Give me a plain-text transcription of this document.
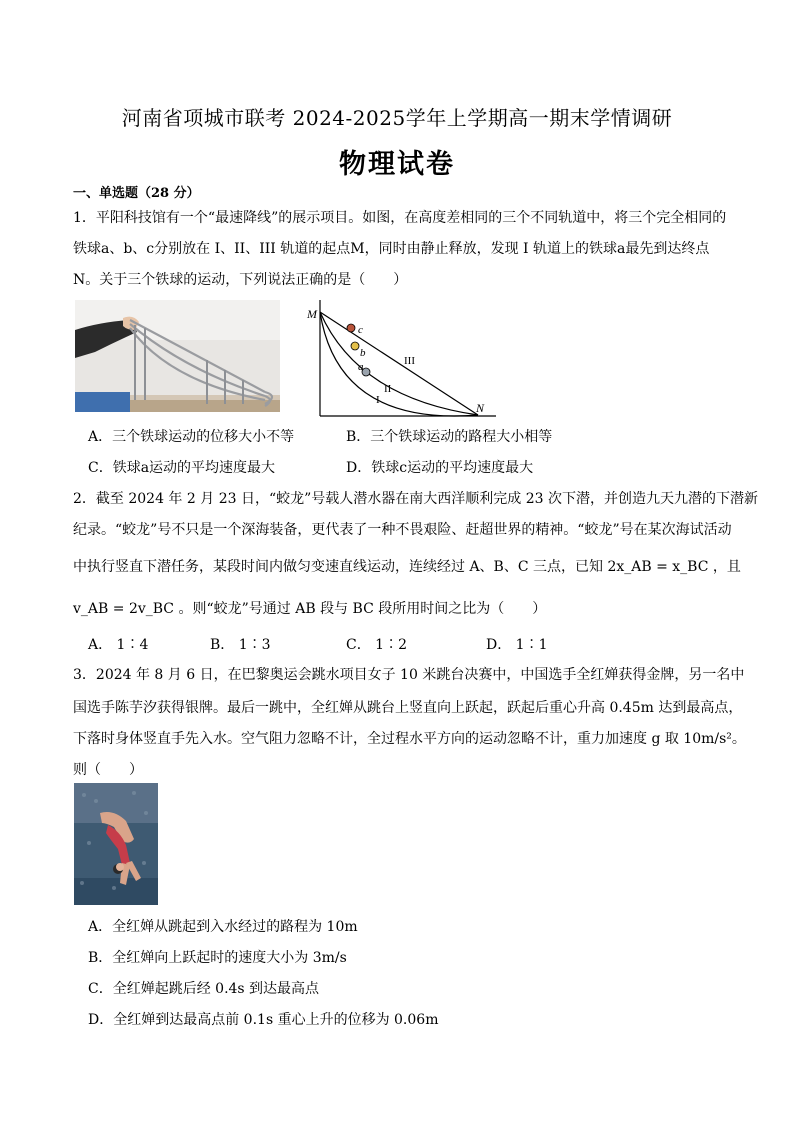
河南省项城市联考 2024-2025学年上学期高一期末学情调研
物理试卷
一、单选题（28 分）
1．平阳科技馆有一个“最速降线”的展示项目。如图，在高度差相同的三个不同轨道中，将三个完全相同的
铁球a、b、c分别放在 I、II、III 轨道的起点M，同时由静止释放，发现 I 轨道上的铁球a最先到达终点
N。关于三个铁球的运动，下列说法正确的是（　　）
M
N
c
b
a	III
II
I
A．三个铁球运动的位移大小不等	B．三个铁球运动的路程大小相等
C．铁球a运动的平均速度最大	D．铁球c运动的平均速度最大
2．截至 2024 年 2 月 23 日，“蛟龙”号载人潜水器在南大西洋顺利完成 23 次下潜，并创造九天九潜的下潜新
纪录。“蛟龙”号不只是一个深海装备，更代表了一种不畏艰险、赶超世界的精神。“蛟龙”号在某次海试活动
中执行竖直下潜任务，某段时间内做匀变速直线运动，连续经过 A、B、C 三点，已知 2x_AB = x_BC ，且
v_AB = 2v_BC 。则“蛟龙”号通过 AB 段与 BC 段所用时间之比为（　　）
A． 1∶4	B． 1∶3	C． 1∶2	D． 1∶1
3．2024 年 8 月 6 日，在巴黎奥运会跳水项目女子 10 米跳台决赛中，中国选手全红婵获得金牌，另一名中
国选手陈芋汐获得银牌。最后一跳中，全红婵从跳台上竖直向上跃起，跃起后重心升高 0.45m 达到最高点，
下落时身体竖直手先入水。空气阻力忽略不计，全过程水平方向的运动忽略不计，重力加速度 g 取 10m/s²。
则（　　）
A．全红婵从跳起到入水经过的路程为 10m
B．全红婵向上跃起时的速度大小为 3m/s
C．全红婵起跳后经 0.4s 到达最高点
D．全红婵到达最高点前 0.1s 重心上升的位移为 0.06m
